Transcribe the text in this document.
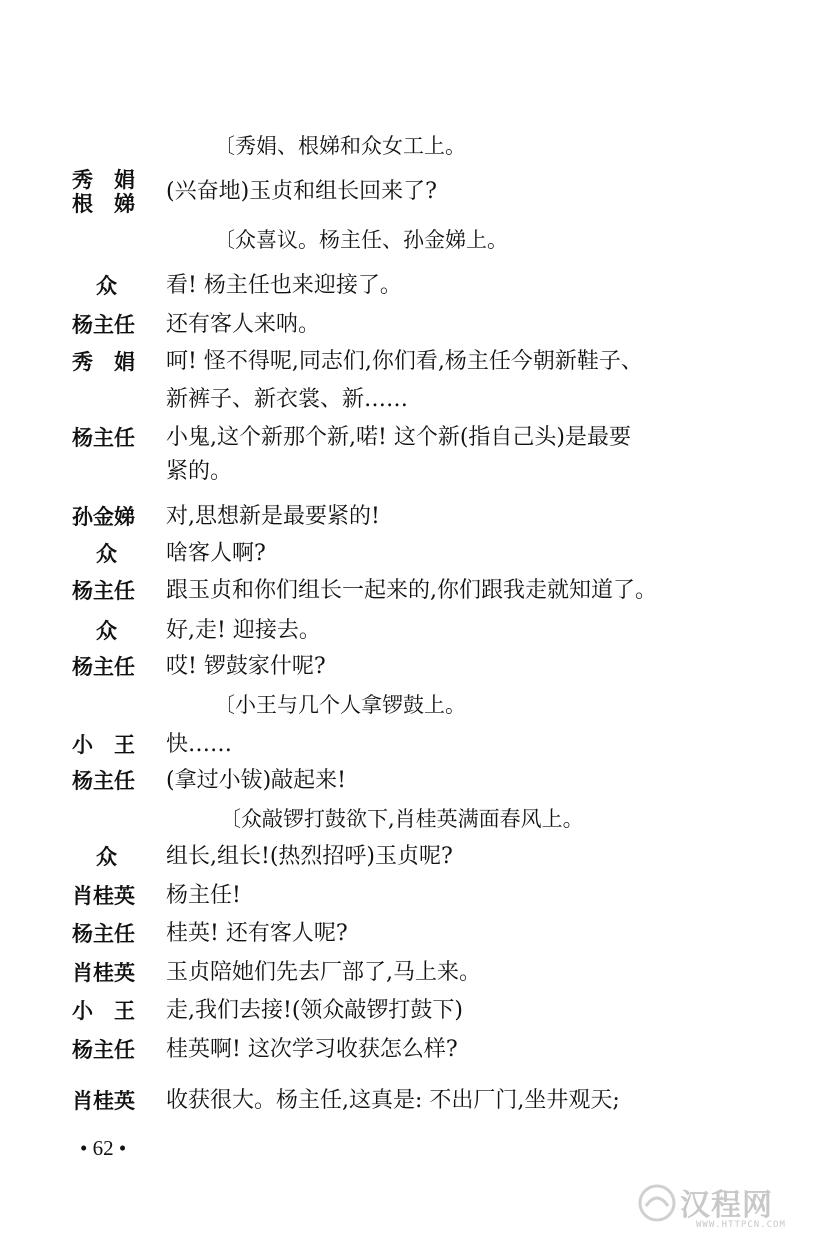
〔秀娟、根娣和众女工上。
秀　娟
根　娣 (兴奋地)玉贞和组长回来了?
〔众喜议。杨主任、孙金娣上。
众 看! 杨主任也来迎接了。
杨主任 还有客人来呐。
秀　娟 呵! 怪不得呢,同志们,你们看,杨主任今朝新鞋子、
新裤子、新衣裳、新……
杨主任 小鬼,这个新那个新,喏! 这个新(指自己头)是最要
紧的。
孙金娣 对,思想新是最要紧的!
众 啥客人啊?
杨主任 跟玉贞和你们组长一起来的,你们跟我走就知道了。
众 好,走! 迎接去。
杨主任 哎! 锣鼓家什呢?
〔小王与几个人拿锣鼓上。
小　王 快……
杨主任 (拿过小钹)敲起来!
〔众敲锣打鼓欲下,肖桂英满面春风上。
众 组长,组长!(热烈招呼)玉贞呢?
肖桂英 杨主任!
杨主任 桂英! 还有客人呢?
肖桂英 玉贞陪她们先去厂部了,马上来。
小　王 走,我们去接!(领众敲锣打鼓下)
杨主任 桂英啊! 这次学习收获怎么样?
肖桂英 收获很大。杨主任,这真是: 不出厂门,坐井观天;
• 62 •
汉程网
WWW.HTTPCN.COM
